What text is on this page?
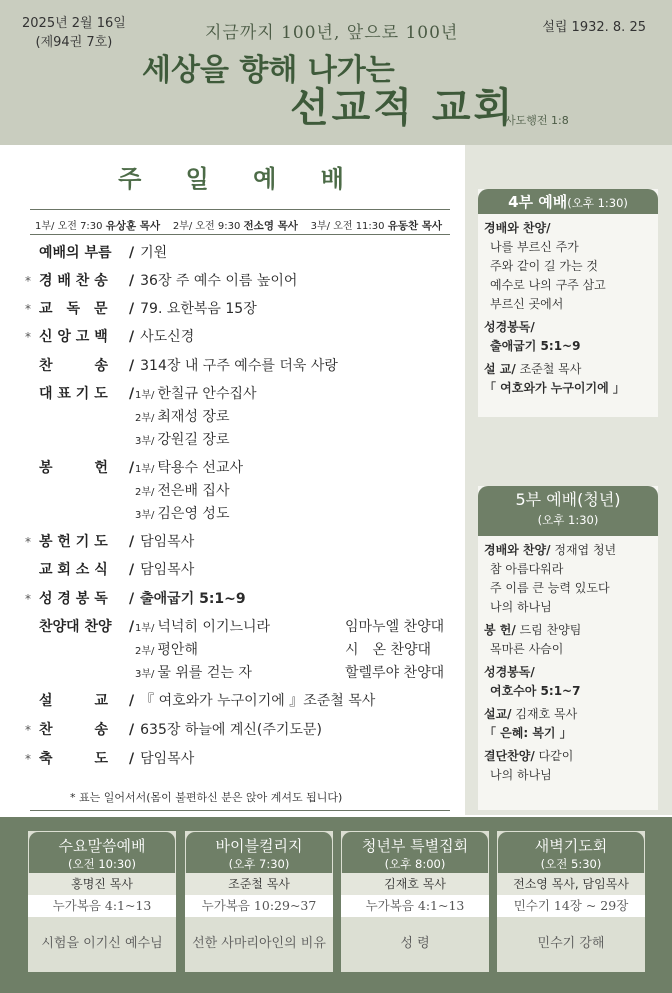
2025년 2월 16일
(제94권 7호)
설립 1932. 8. 25
지금까지 100년, 앞으로 100년
세상을 향해 나가는
선교적 교회
사도행전 1:8
주 일 예 배
1부/ 오전 7:30 유상훈 목사 2부/ 오전 9:30 전소영 목사 3부/ 오전 11:30 유동찬 목사
예배의 부름 / 기원
* 경 배 찬 송 / 36장 주 예수 이름 높이어
* 교　독　문 / 79. 요한복음 15장
* 신 앙 고 백 / 사도신경
찬　　　송 / 314장 내 구주 예수를 더욱 사랑
대 표 기 도 / 1부/ 한칠규 안수집사
2부/ 최재성 장로
3부/ 강원길 장로
봉　　　헌 / 1부/ 탁용수 선교사
2부/ 전은배 집사
3부/ 김은영 성도
* 봉 헌 기 도 / 담임목사
교 회 소 식 / 담임목사
* 성 경 봉 독 / 출애굽기 5:1~9
찬양대 찬양 / 1부/ 넉넉히 이기느니라	임마누엘 찬양대
2부/ 평안해	시　온 찬양대
3부/ 물 위를 걷는 자	할렐루야 찬양대
설　　　교 / 『 여호와가 누구이기에 』조준철 목사
* 찬　　　송 / 635장 하늘에 계신(주기도문)
* 축　　　도 / 담임목사
* 표는 일어서서(몸이 불편하신 분은 앉아 계셔도 됩니다)
4부 예배(오후 1:30)
경배와 찬양/
나를 부르신 주가
주와 같이 길 가는 것
예수로 나의 구주 삼고
부르신 곳에서
성경봉독/
출애굽기 5:1~9
설 교/ 조준철 목사
「 여호와가 누구이기에 」
5부 예배(청년)
(오후 1:30)
경배와 찬양/ 정재엽 청년
참 아름다워라
주 이름 큰 능력 있도다
나의 하나님
봉 헌/ 드림 찬양팀
목마른 사슴이
성경봉독/
여호수아 5:1~7
설교/ 김재호 목사
「 은혜: 복기 」
결단찬양/ 다같이
나의 하나님
수요말씀예배
(오전 10:30)
홍명진 목사
누가복음 4:1~13
시험을 이기신 예수님
바이블컬리지
(오후 7:30)
조준철 목사
누가복음 10:29~37
선한 사마리아인의 비유
청년부 특별집회
(오후 8:00)
김재호 목사
누가복음 4:1~13
성 령
새벽기도회
(오전 5:30)
전소영 목사, 담임목사
민수기 14장 ~ 29장
민수기 강해
